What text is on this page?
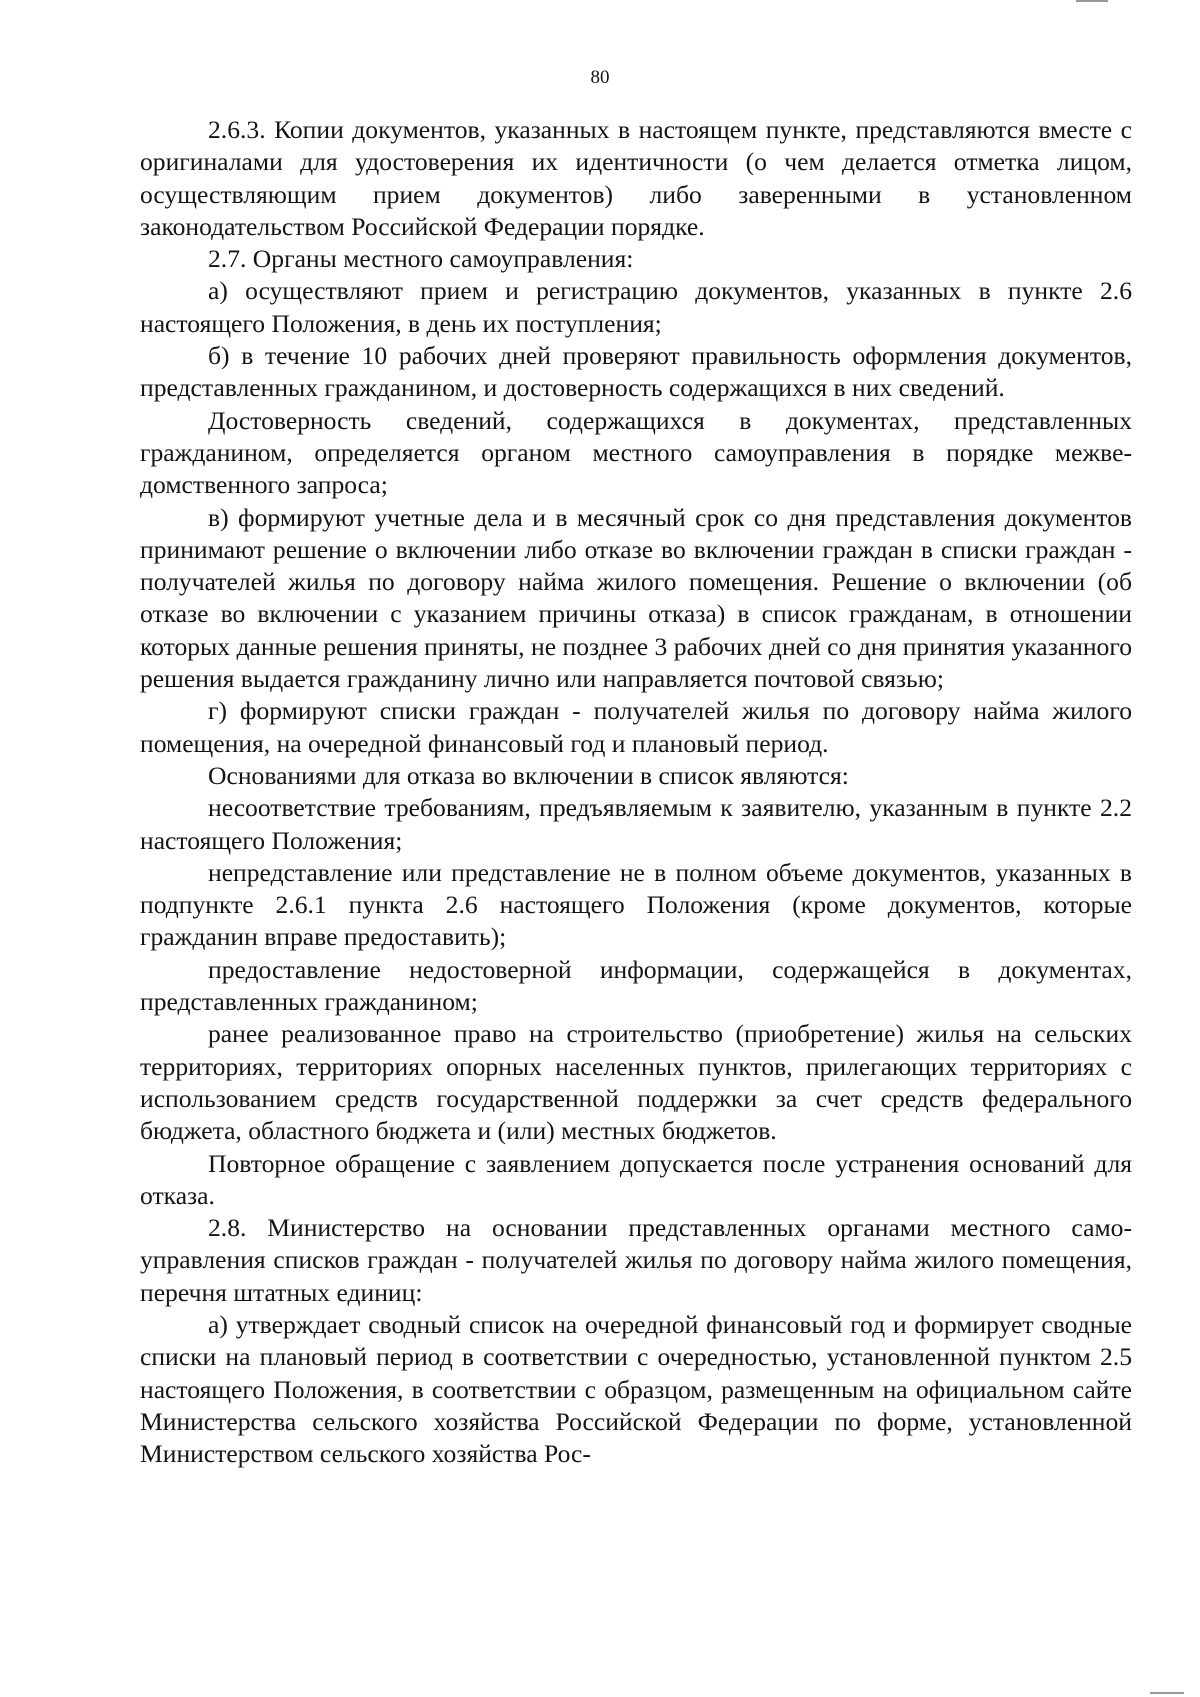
80

2.6.3. Копии документов, указанных в настоящем пункте, представляются вместе с оригиналами для удостоверения их идентичности (о чем делается отметка лицом, осуществляющим прием документов) либо заверенными в установленном законодательством Российской Федерации порядке.

2.7. Органы местного самоуправления:

а) осуществляют прием и регистрацию документов, указанных в пункте 2.6 настоящего Положения, в день их поступления;

б) в течение 10 рабочих дней проверяют правильность оформления документов, представленных гражданином, и достоверность содержащихся в них сведений.

Достоверность сведений, содержащихся в документах, представленных гражданином, определяется органом местного самоуправления в порядке межведомственного запроса;

в) формируют учетные дела и в месячный срок со дня представления документов принимают решение о включении либо отказе во включении граждан в списки граждан - получателей жилья по договору найма жилого помещения. Решение о включении (об отказе во включении с указанием причины отказа) в список гражданам, в отношении которых данные решения приняты, не позднее 3 рабочих дней со дня принятия указанного решения выдается гражданину лично или направляется почтовой связью;

г) формируют списки граждан - получателей жилья по договору найма жилого помещения, на очередной финансовый год и плановый период.

Основаниями для отказа во включении в список являются:

несоответствие требованиям, предъявляемым к заявителю, указанным в пункте 2.2 настоящего Положения;

непредставление или представление не в полном объеме документов, указанных в подпункте 2.6.1 пункта 2.6 настоящего Положения (кроме документов, которые гражданин вправе предоставить);

предоставление недостоверной информации, содержащейся в документах, представленных гражданином;

ранее реализованное право на строительство (приобретение) жилья на сельских территориях, территориях опорных населенных пунктов, прилегающих территориях с использованием средств государственной поддержки за счет средств федерального бюджета, областного бюджета и (или) местных бюджетов.

Повторное обращение с заявлением допускается после устранения оснований для отказа.

2.8. Министерство на основании представленных органами местного самоуправления списков граждан - получателей жилья по договору найма жилого помещения, перечня штатных единиц:

а) утверждает сводный список на очередной финансовый год и формирует сводные списки на плановый период в соответствии с очередностью, установленной пунктом 2.5 настоящего Положения, в соответствии с образцом, размещенным на официальном сайте Министерства сельского хозяйства Российской Федерации по форме, установленной Министерством сельского хозяйства Рос-
